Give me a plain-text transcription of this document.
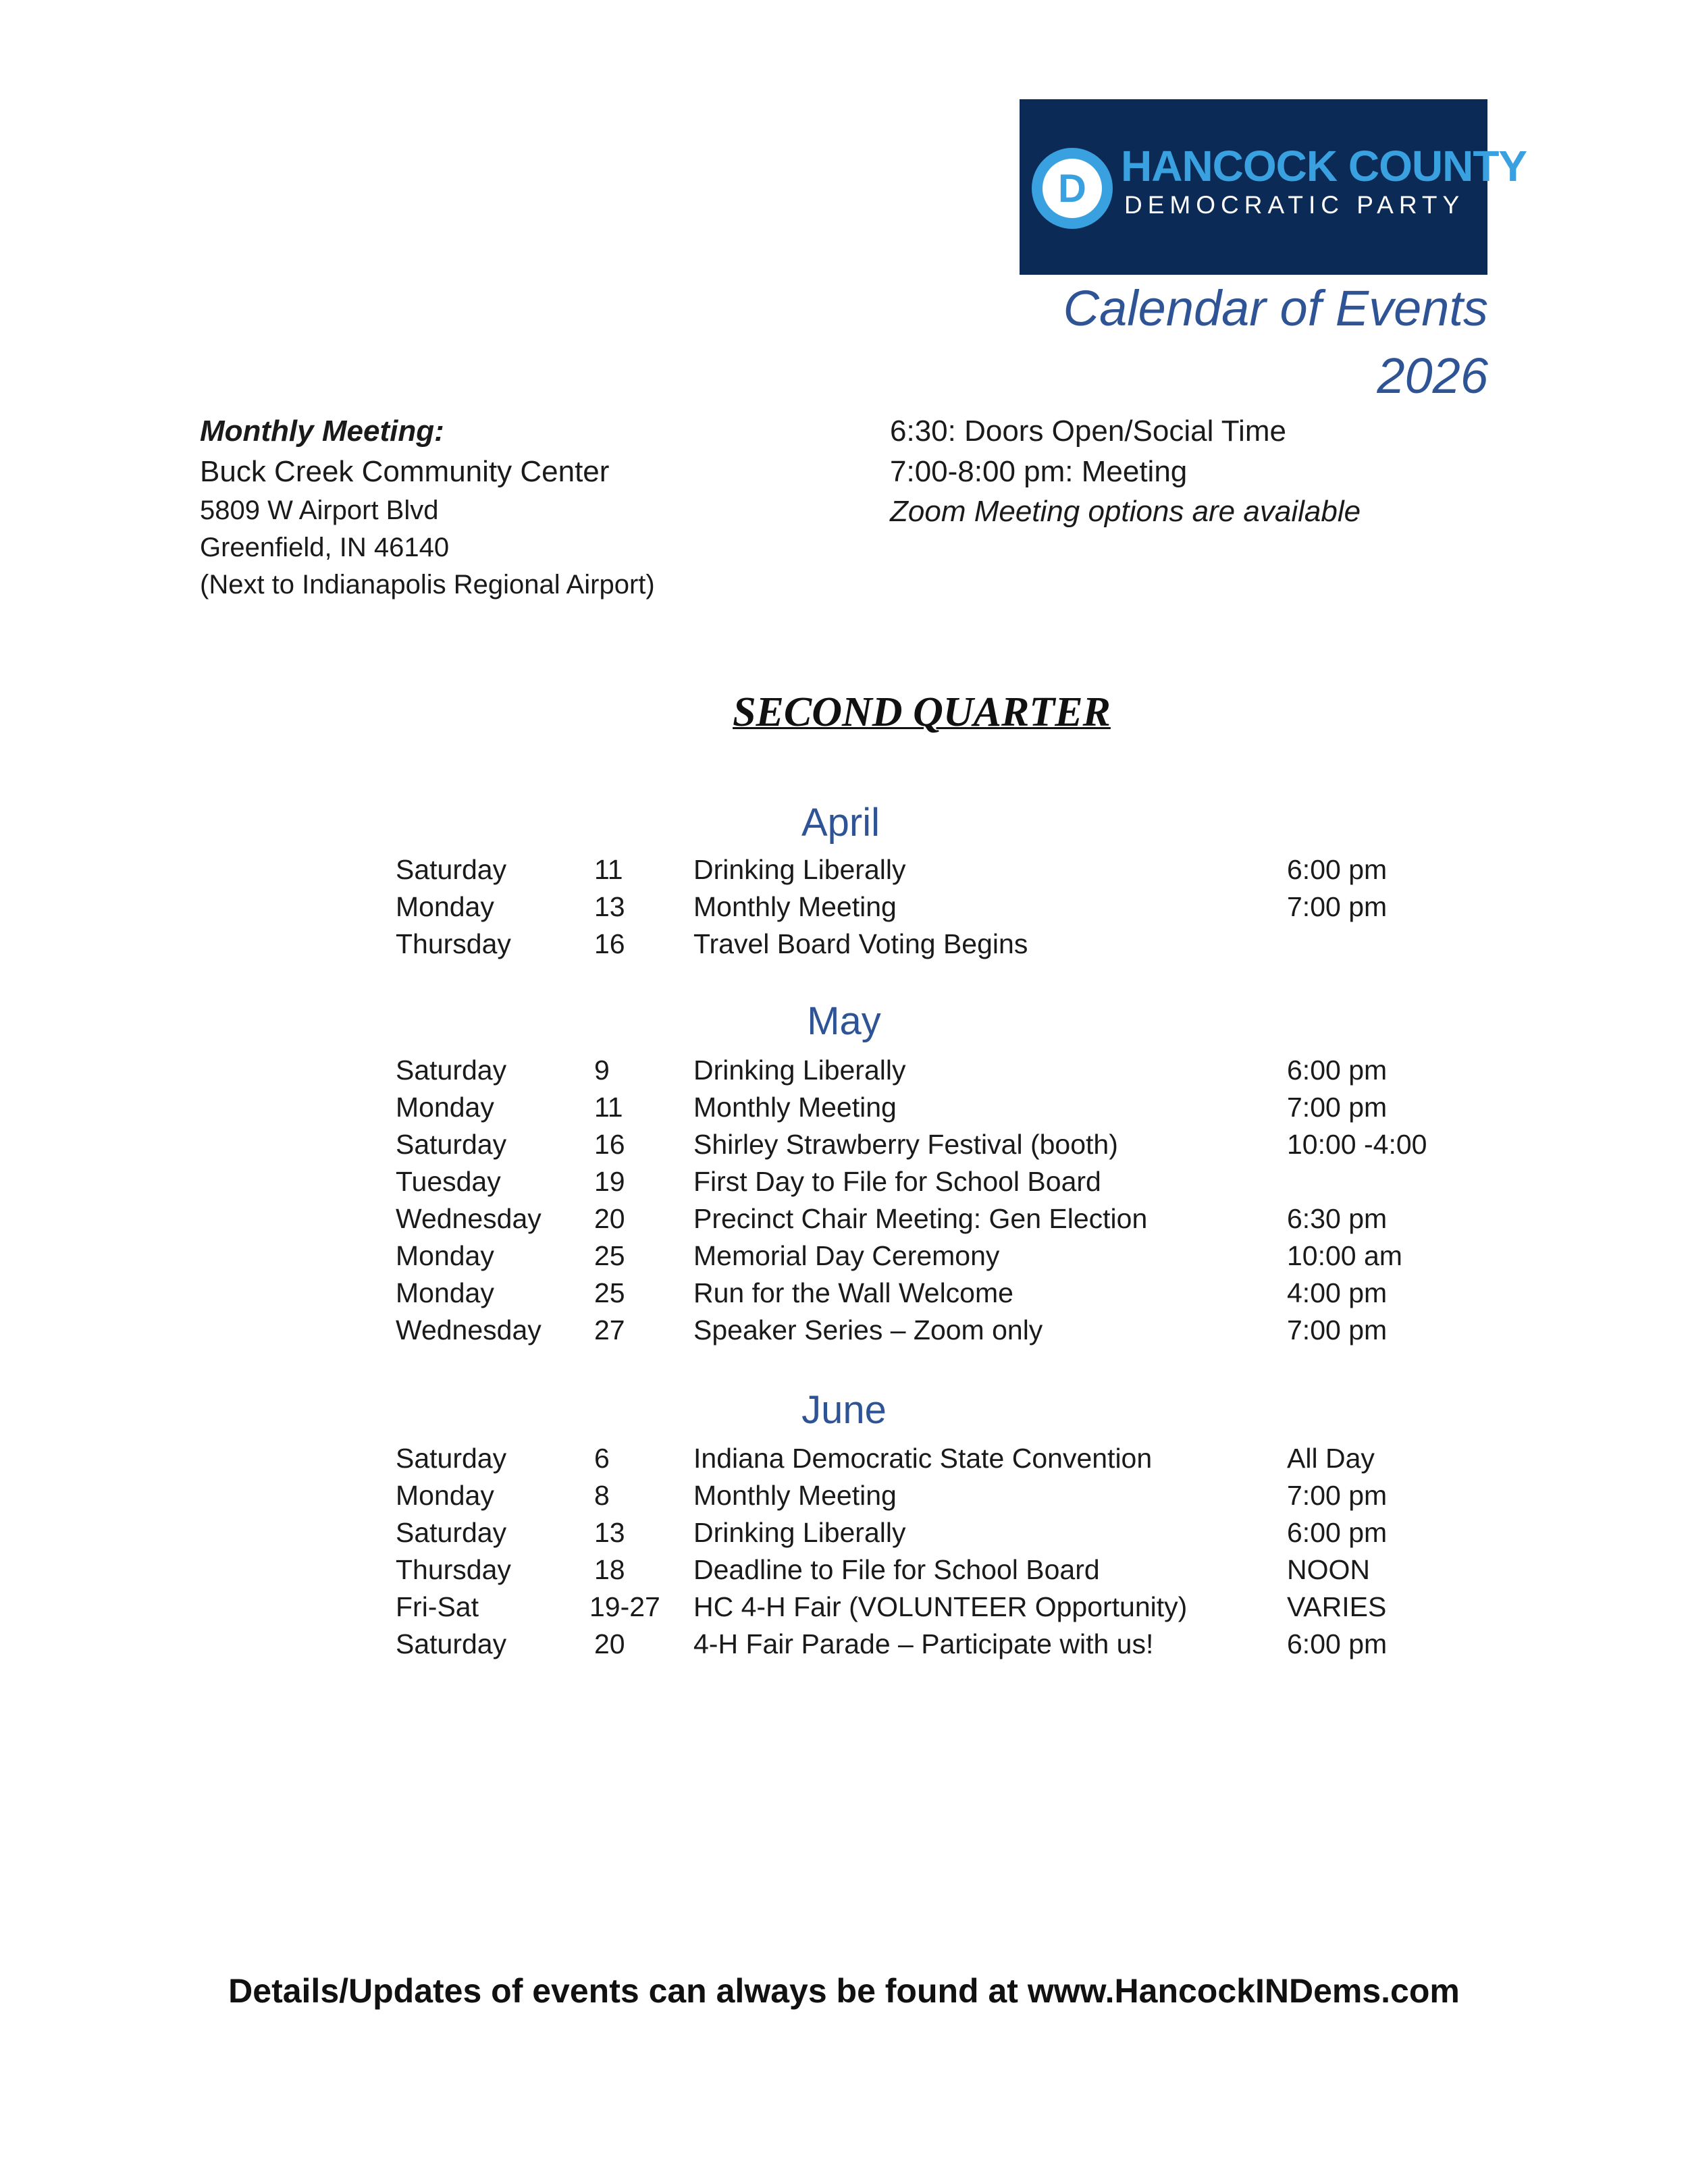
D HANCOCK COUNTY
DEMOCRATIC PARTY
Calendar of Events
2026
Monthly Meeting:
Buck Creek Community Center
5809 W Airport Blvd
Greenfield, IN 46140
(Next to Indianapolis Regional Airport)
6:30: Doors Open/Social Time
7:00-8:00 pm: Meeting
Zoom Meeting options are available
SECOND QUARTER
April
Saturday	11	Drinking Liberally	6:00 pm
Monday	13 Monthly Meeting	7:00 pm
Thursday	16 Travel Board Voting Begins
May
Saturday	9	Drinking Liberally	6:00 pm
Monday	11	Monthly Meeting	7:00 pm
Saturday	16 Shirley Strawberry Festival (booth)	10:00 -4:00
Tuesday	19 First Day to File for School Board
Wednesday 20 Precinct Chair Meeting: Gen Election	6:30 pm
Monday	25 Memorial Day Ceremony	10:00 am
Monday	25 Run for the Wall Welcome	4:00 pm
Wednesday 27 Speaker Series – Zoom only	7:00 pm
June
Saturday	6	Indiana Democratic State Convention	All Day
Monday	8	Monthly Meeting	7:00 pm
Saturday	13 Drinking Liberally	6:00 pm
Thursday	18 Deadline to File for School Board	NOON
Fri-Sat	19-27 HC 4-H Fair (VOLUNTEER Opportunity)	VARIES
Saturday	20 4-H Fair Parade – Participate with us!	6:00 pm
Details/Updates of events can always be found at www.HancockINDems.com
